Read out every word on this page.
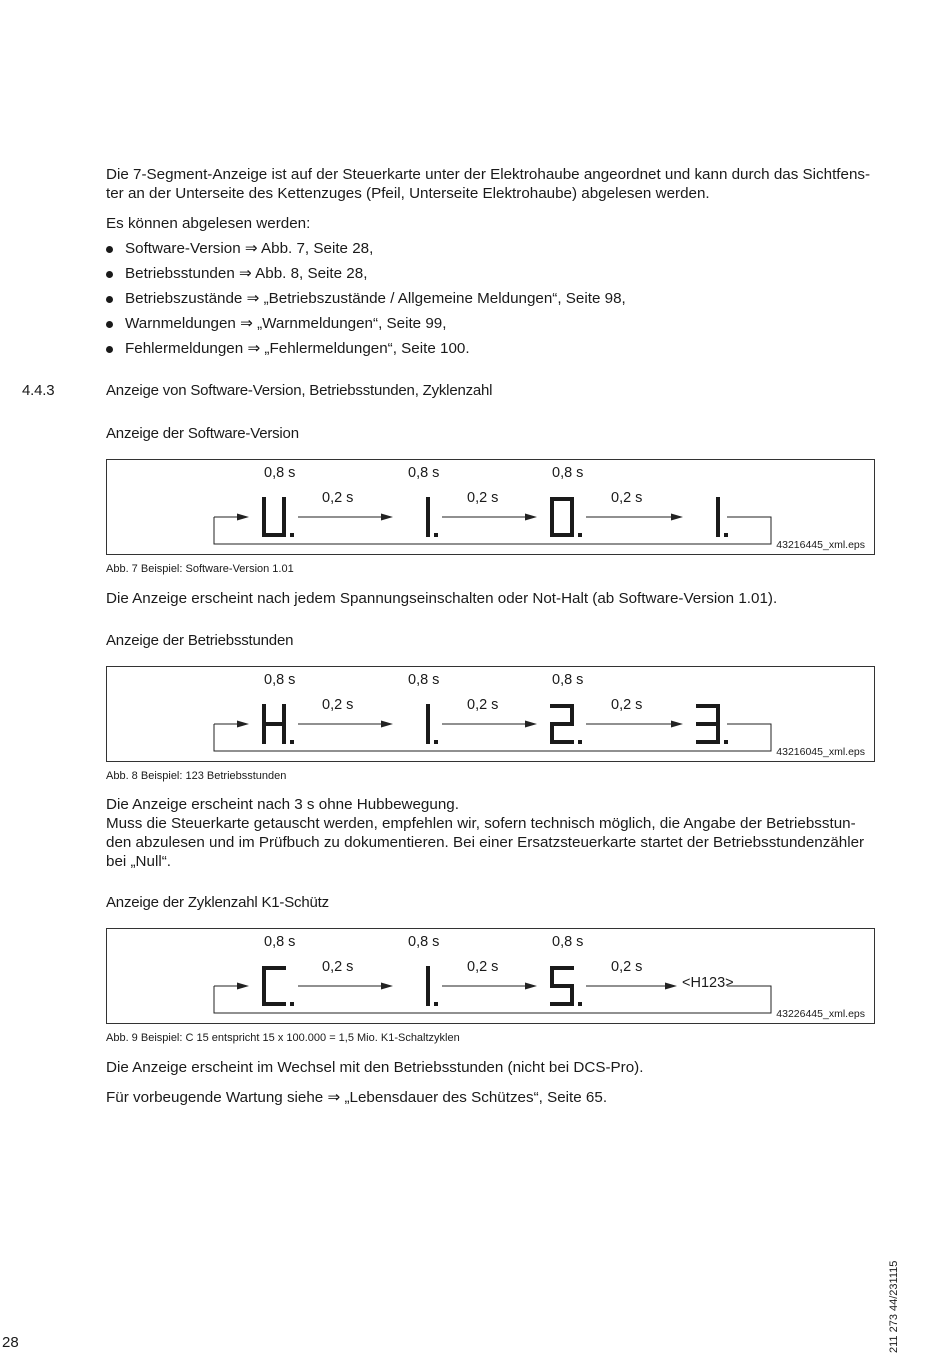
Die 7-Segment-Anzeige ist auf der Steuerkarte unter der Elektrohaube angeordnet und kann durch das Sichtfens-
ter an der Unterseite des Kettenzuges (Pfeil, Unterseite Elektrohaube) abgelesen werden.
Es können abgelesen werden:
Software-Version ⇒ Abb. 7, Seite 28,
Betriebsstunden ⇒ Abb. 8, Seite 28,
Betriebszustände ⇒ „Betriebszustände / Allgemeine Meldungen“, Seite 98,
Warnmeldungen ⇒ „Warnmeldungen“, Seite 99,
Fehlermeldungen ⇒ „Fehlermeldungen“, Seite 100.
4.4.3	Anzeige von Software-Version, Betriebsstunden, Zyklenzahl
Anzeige der Software-Version
0,8 s	0,8 s	0,8 s
0,2 s	0,2 s	0,2 s
43216445_xml.eps
Abb. 7 Beispiel: Software-Version 1.01
Die Anzeige erscheint nach jedem Spannungseinschalten oder Not-Halt (ab Software-Version 1.01).
Anzeige der Betriebsstunden
0,8 s	0,8 s	0,8 s
0,2 s	0,2 s	0,2 s
43216045_xml.eps
Abb. 8 Beispiel: 123 Betriebsstunden
Die Anzeige erscheint nach 3 s ohne Hubbewegung.
Muss die Steuerkarte getauscht werden, empfehlen wir, sofern technisch möglich, die Angabe der Betriebsstun-
den abzulesen und im Prüfbuch zu dokumentieren. Bei einer Ersatzsteuerkarte startet der Betriebsstundenzähler
bei „Null“.
Anzeige der Zyklenzahl K1-Schütz
0,8 s	0,8 s	0,8 s
0,2 s	0,2 s	0,2 s
<H123>
43226445_xml.eps
Abb. 9 Beispiel: C 15 entspricht 15 x 100.000 = 1,5 Mio. K1-Schaltzyklen
Die Anzeige erscheint im Wechsel mit den Betriebsstunden (nicht bei DCS-Pro).
Für vorbeugende Wartung siehe ⇒ „Lebensdauer des Schützes“, Seite 65.
28	211 273 44/231115
